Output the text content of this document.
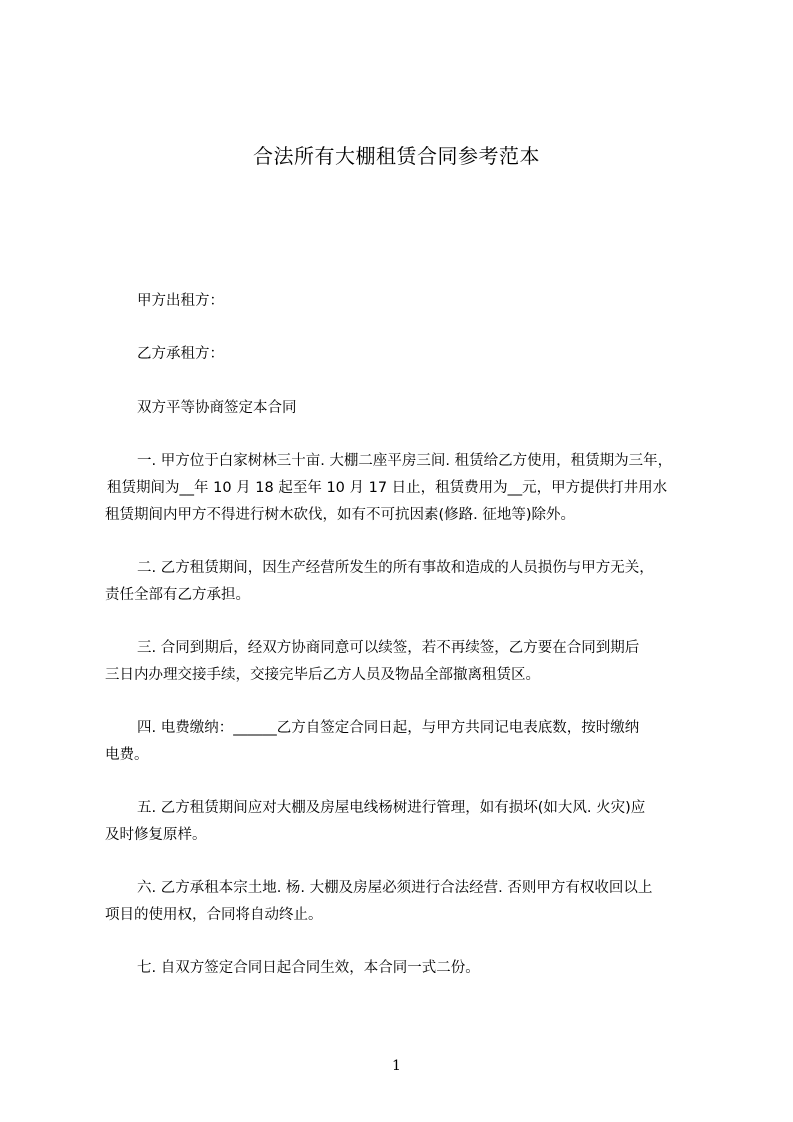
合法所有大棚租赁合同参考范本
甲方出租方：
乙方承租方：
双方平等协商签定本合同
一. 甲方位于白家树林三十亩. 大棚二座平房三间. 租赁给乙方使用，租赁期为三年，
租赁期间为__年 10 月 18 起至年 10 月 17 日止，租赁费用为__元，甲方提供打井用水
租赁期间内甲方不得进行树木砍伐，如有不可抗因素(修路. 征地等)除外。
二. 乙方租赁期间，因生产经营所发生的所有事故和造成的人员损伤与甲方无关，
责任全部有乙方承担。
三. 合同到期后，经双方协商同意可以续签，若不再续签，乙方要在合同到期后
三日内办理交接手续，交接完毕后乙方人员及物品全部撤离租赁区。
四. 电费缴纳：______乙方自签定合同日起，与甲方共同记电表底数，按时缴纳
电费。
五. 乙方租赁期间应对大棚及房屋电线杨树进行管理，如有损坏(如大风. 火灾)应
及时修复原样。
六. 乙方承租本宗土地. 杨. 大棚及房屋必须进行合法经营. 否则甲方有权收回以上
项目的使用权，合同将自动终止。
七. 自双方签定合同日起合同生效，本合同一式二份。
1
